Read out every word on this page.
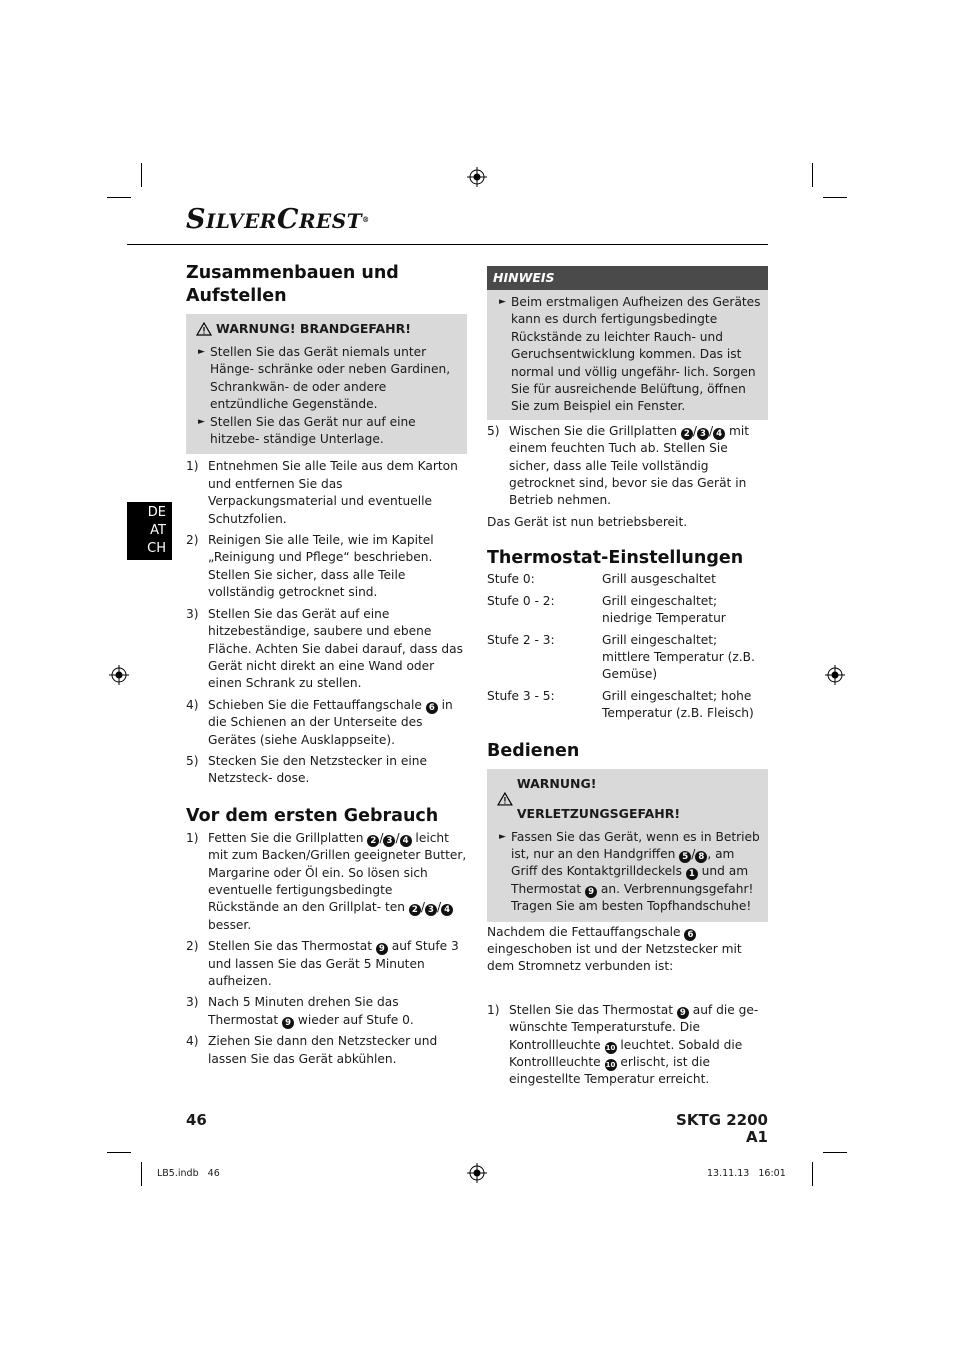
SILVERCREST®
DE
AT
CH
Zusammenbauen und Aufstellen
WARNUNG! BRANDGEFAHR!
► Stellen Sie das Gerät niemals unter Hänge- schränke oder neben Gardinen, Schrankwän- de oder andere entzündliche Gegenstände.
► Stellen Sie das Gerät nur auf eine hitzebe- ständige Unterlage.
1) Entnehmen Sie alle Teile aus dem Karton und entfernen Sie das Verpackungsmaterial und eventuelle Schutzfolien.
2) Reinigen Sie alle Teile, wie im Kapitel „Reinigung und Pflege“ beschrieben. Stellen Sie sicher, dass alle Teile vollständig getrocknet sind.
3) Stellen Sie das Gerät auf eine hitzebeständige, saubere und ebene Fläche. Achten Sie dabei darauf, dass das Gerät nicht direkt an eine Wand oder einen Schrank zu stellen.
4) Schieben Sie die Fettauffangschale 6 in die Schienen an der Unterseite des Gerätes (siehe Ausklappseite).
5) Stecken Sie den Netzstecker in eine Netzsteck- dose.
Vor dem ersten Gebrauch
1) Fetten Sie die Grillplatten 2 / 3 / 4 leicht mit zum Backen/Grillen geeigneter Butter, Margarine oder Öl ein. So lösen sich eventuelle fertigungsbedingte Rückstände an den Grillplat- ten 2 / 3 / 4 besser.
2) Stellen Sie das Thermostat 9 auf Stufe 3 und lassen Sie das Gerät 5 Minuten aufheizen.
3) Nach 5 Minuten drehen Sie das Thermostat 9 wieder auf Stufe 0.
4) Ziehen Sie dann den Netzstecker und lassen Sie das Gerät abkühlen.
HINWEIS
► Beim erstmaligen Aufheizen des Gerätes kann es durch fertigungsbedingte Rückstände zu leichter Rauch- und Geruchsentwicklung kommen. Das ist normal und völlig ungefähr- lich. Sorgen Sie für ausreichende Belüftung, öffnen Sie zum Beispiel ein Fenster.
5) Wischen Sie die Grillplatten 2 / 3 / 4 mit einem feuchten Tuch ab. Stellen Sie sicher, dass alle Teile vollständig getrocknet sind, bevor sie das Gerät in Betrieb nehmen.
Das Gerät ist nun betriebsbereit.
Thermostat-Einstellungen
Stufe 0:	Grill ausgeschaltet
Stufe 0 - 2:	Grill eingeschaltet; niedrige Temperatur
Stufe 2 - 3:	Grill eingeschaltet; mittlere Temperatur (z.B. Gemüse)
Stufe 3 - 5:	Grill eingeschaltet; hohe Temperatur (z.B. Fleisch)
Bedienen
WARNUNG! VERLETZUNGSGEFAHR!
► Fassen Sie das Gerät, wenn es in Betrieb ist, nur an den Handgriffen 5 / 8 , am Griff des Kontaktgrilldeckels 1 und am Thermostat 9 an. Verbrennungsgefahr!
Tragen Sie am besten Topfhandschuhe!
Nachdem die Fettauffangschale 6 eingeschoben ist und der Netzstecker mit dem Stromnetz verbunden ist:
1) Stellen Sie das Thermostat 9 auf die ge- wünschte Temperaturstufe. Die Kontrollleuchte 10 leuchtet. Sobald die Kontrollleuchte 10 erlischt, ist die eingestellte Temperatur erreicht.
46	SKTG 2200 A1
LB5.indb   46	13.11.13   16:01
